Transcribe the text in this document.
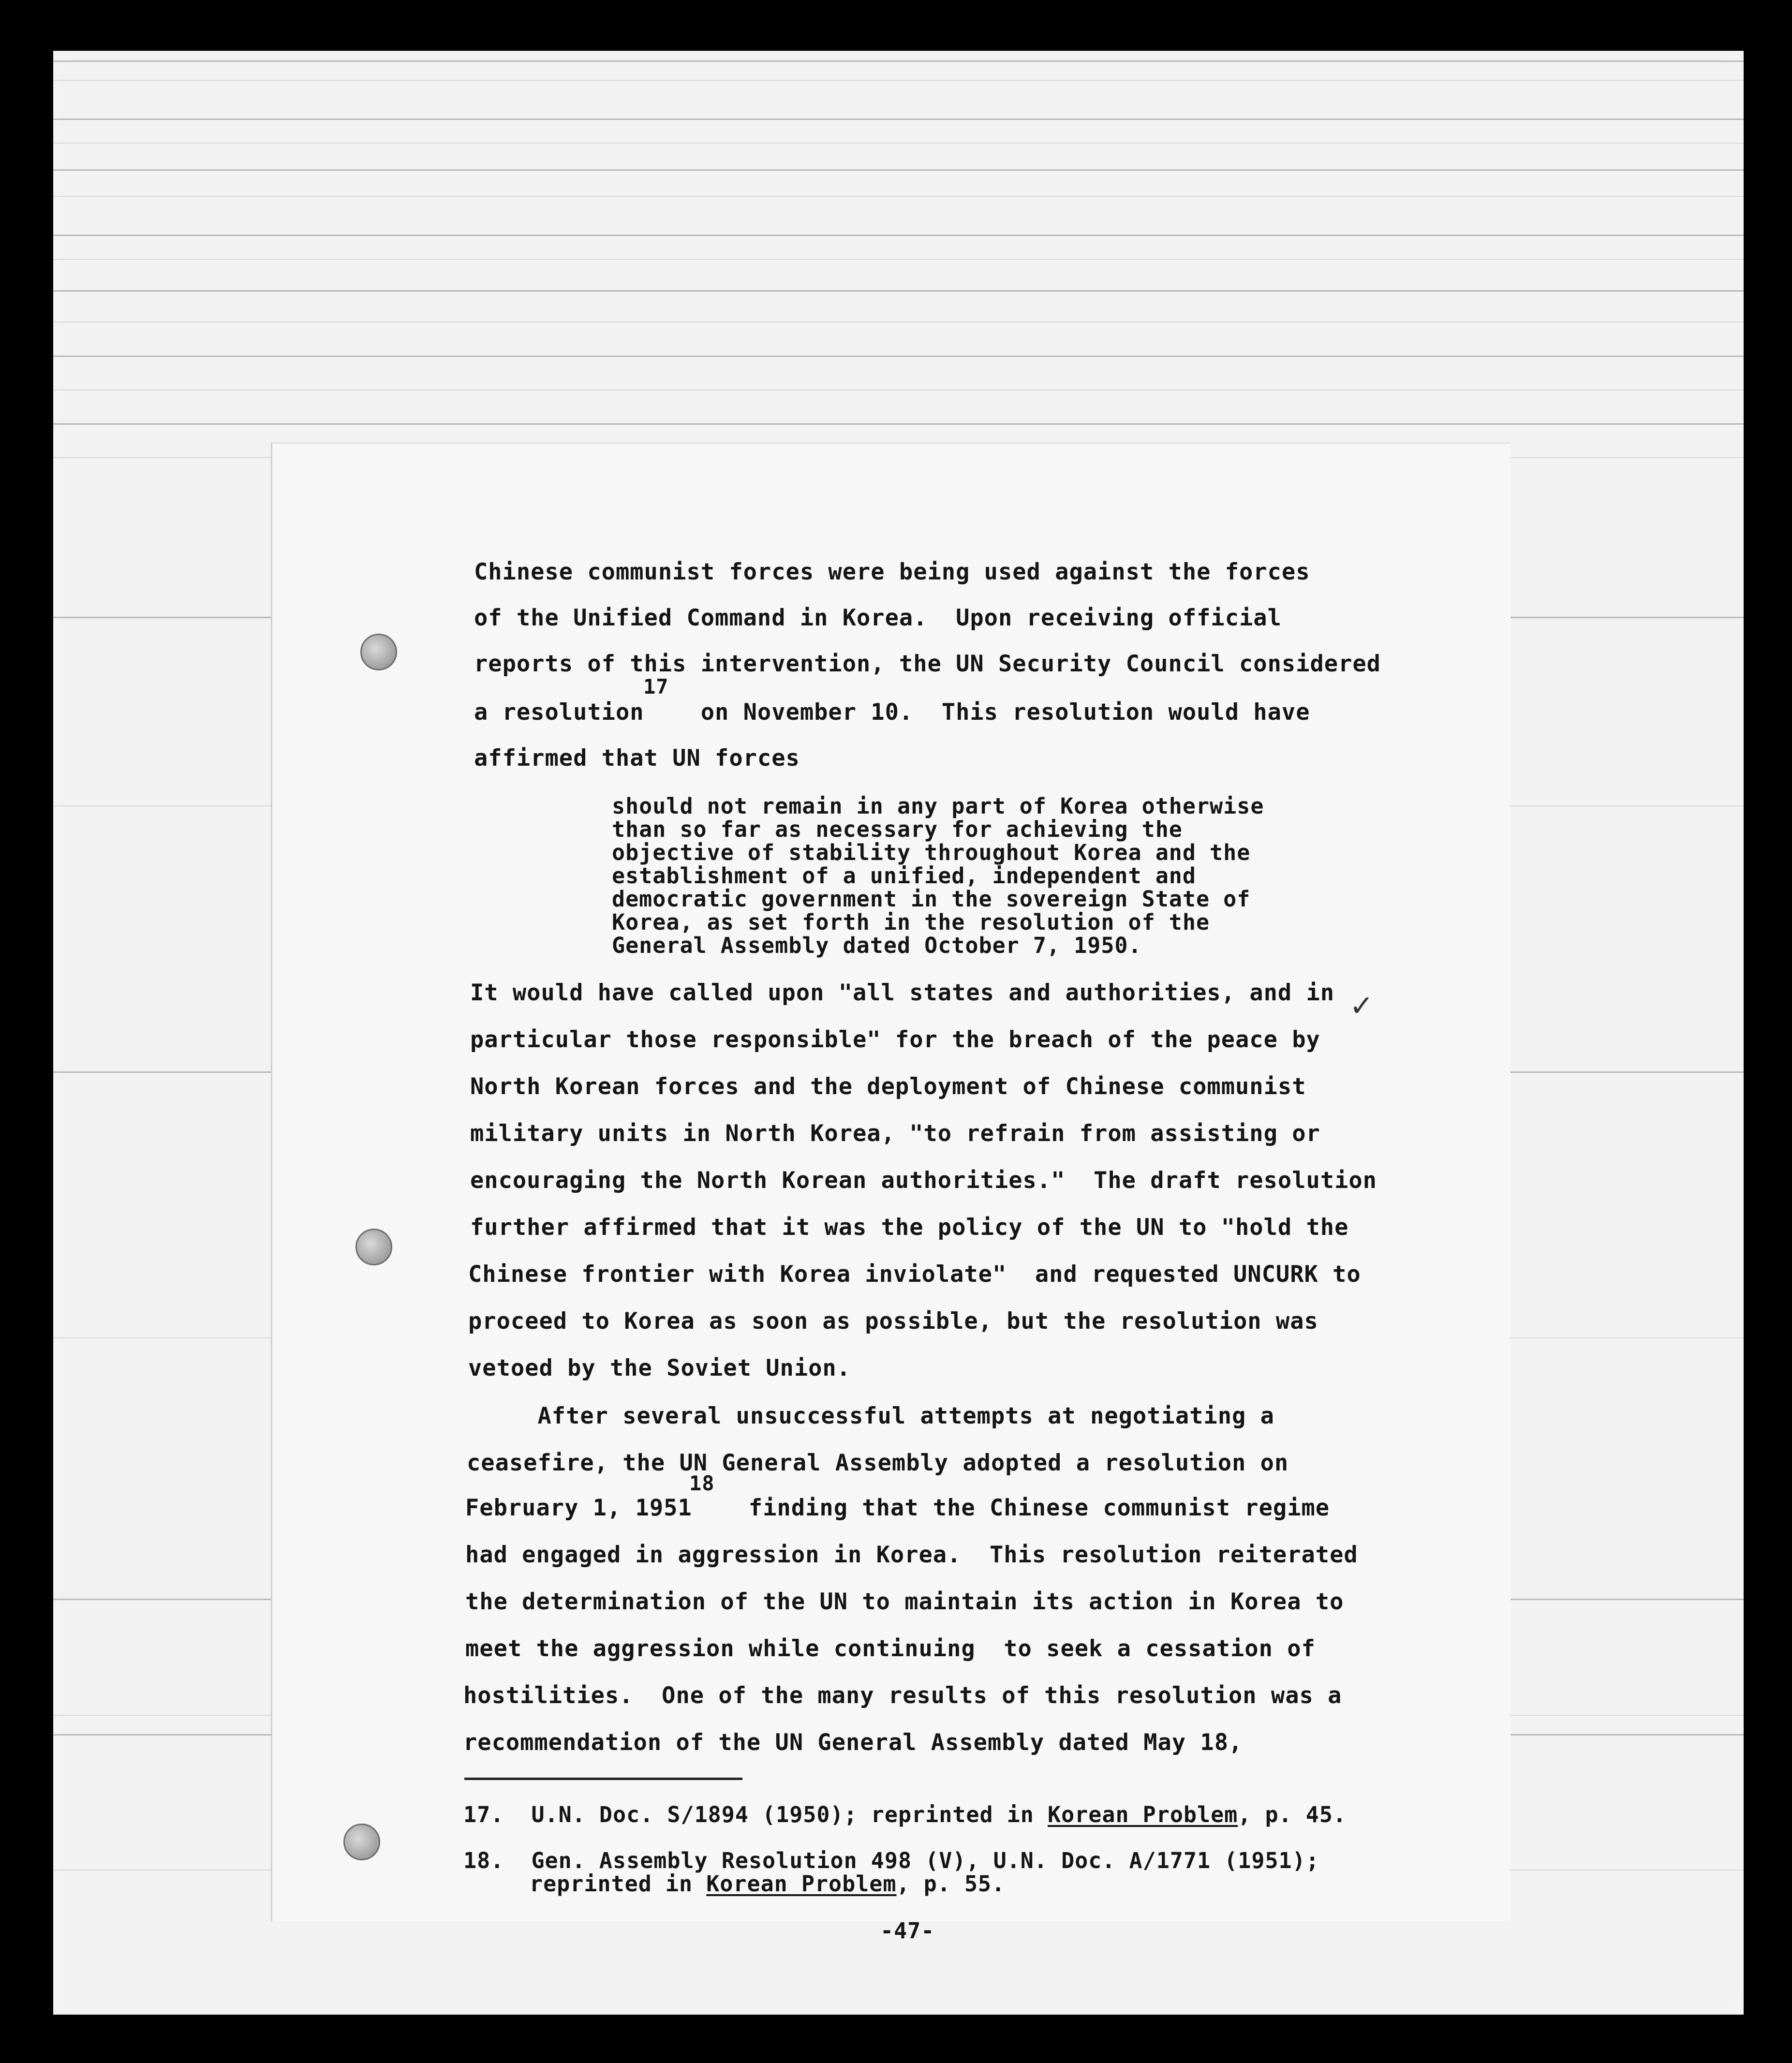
✓

Chinese communist forces were being used against the forces

of the Unified Command in Korea.  Upon receiving official

reports of this intervention, the UN Security Council considered

17

a resolution    on November 10.  This resolution would have

affirmed that UN forces

should not remain in any part of Korea otherwise

than so far as necessary for achieving the

objective of stability throughout Korea and the

establishment of a unified, independent and

democratic government in the sovereign State of

Korea, as set forth in the resolution of the

General Assembly dated October 7, 1950.

It would have called upon "all states and authorities, and in

particular those responsible" for the breach of the peace by

North Korean forces and the deployment of Chinese communist

military units in North Korea, "to refrain from assisting or

encouraging the North Korean authorities."  The draft resolution

further affirmed that it was the policy of the UN to "hold the

Chinese frontier with Korea inviolate"  and requested UNCURK to

proceed to Korea as soon as possible, but the resolution was

vetoed by the Soviet Union.

After several unsuccessful attempts at negotiating a

ceasefire, the UN General Assembly adopted a resolution on

18

February 1, 1951    finding that the Chinese communist regime

had engaged in aggression in Korea.  This resolution reiterated

the determination of the UN to maintain its action in Korea to

meet the aggression while continuing  to seek a cessation of

hostilities.  One of the many results of this resolution was a

recommendation of the UN General Assembly dated May 18,

17. U.N. Doc. S/1894 (1950); reprinted in Korean Problem, p. 45.

18. Gen. Assembly Resolution 498 (V), U.N. Doc. A/1771 (1951);

reprinted in Korean Problem, p. 55.

-47-
